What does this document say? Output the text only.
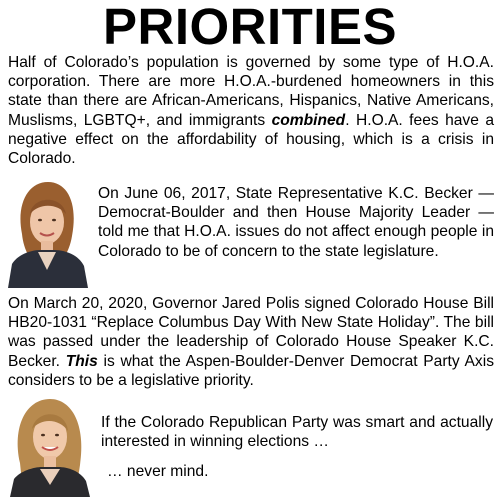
PRIORITIES

Half of Colorado’s population is governed by some type of H.O.A. corporation. There are more H.O.A.-burdened homeowners in this state than there are African-Americans, Hispanics, Native Americans, Muslisms, LGBTQ+, and immigrants combined. H.O.A. fees have a negative effect on the affordability of housing, which is a crisis in Colorado.

On June 06, 2017, State Representative K.C. Becker — Democrat-Boulder and then House Majority Leader — told me that H.O.A. issues do not affect enough people in Colorado to be of concern to the state legislature.

On March 20, 2020, Governor Jared Polis signed Colorado House Bill HB20-1031 “Replace Columbus Day With New State Holiday”. The bill was passed under the leadership of Colorado House Speaker K.C. Becker. This is what the Aspen-Boulder-Denver Democrat Party Axis considers to be a legislative priority.

If the Colorado Republican Party was smart and actually interested in winning elections …

… never mind.
